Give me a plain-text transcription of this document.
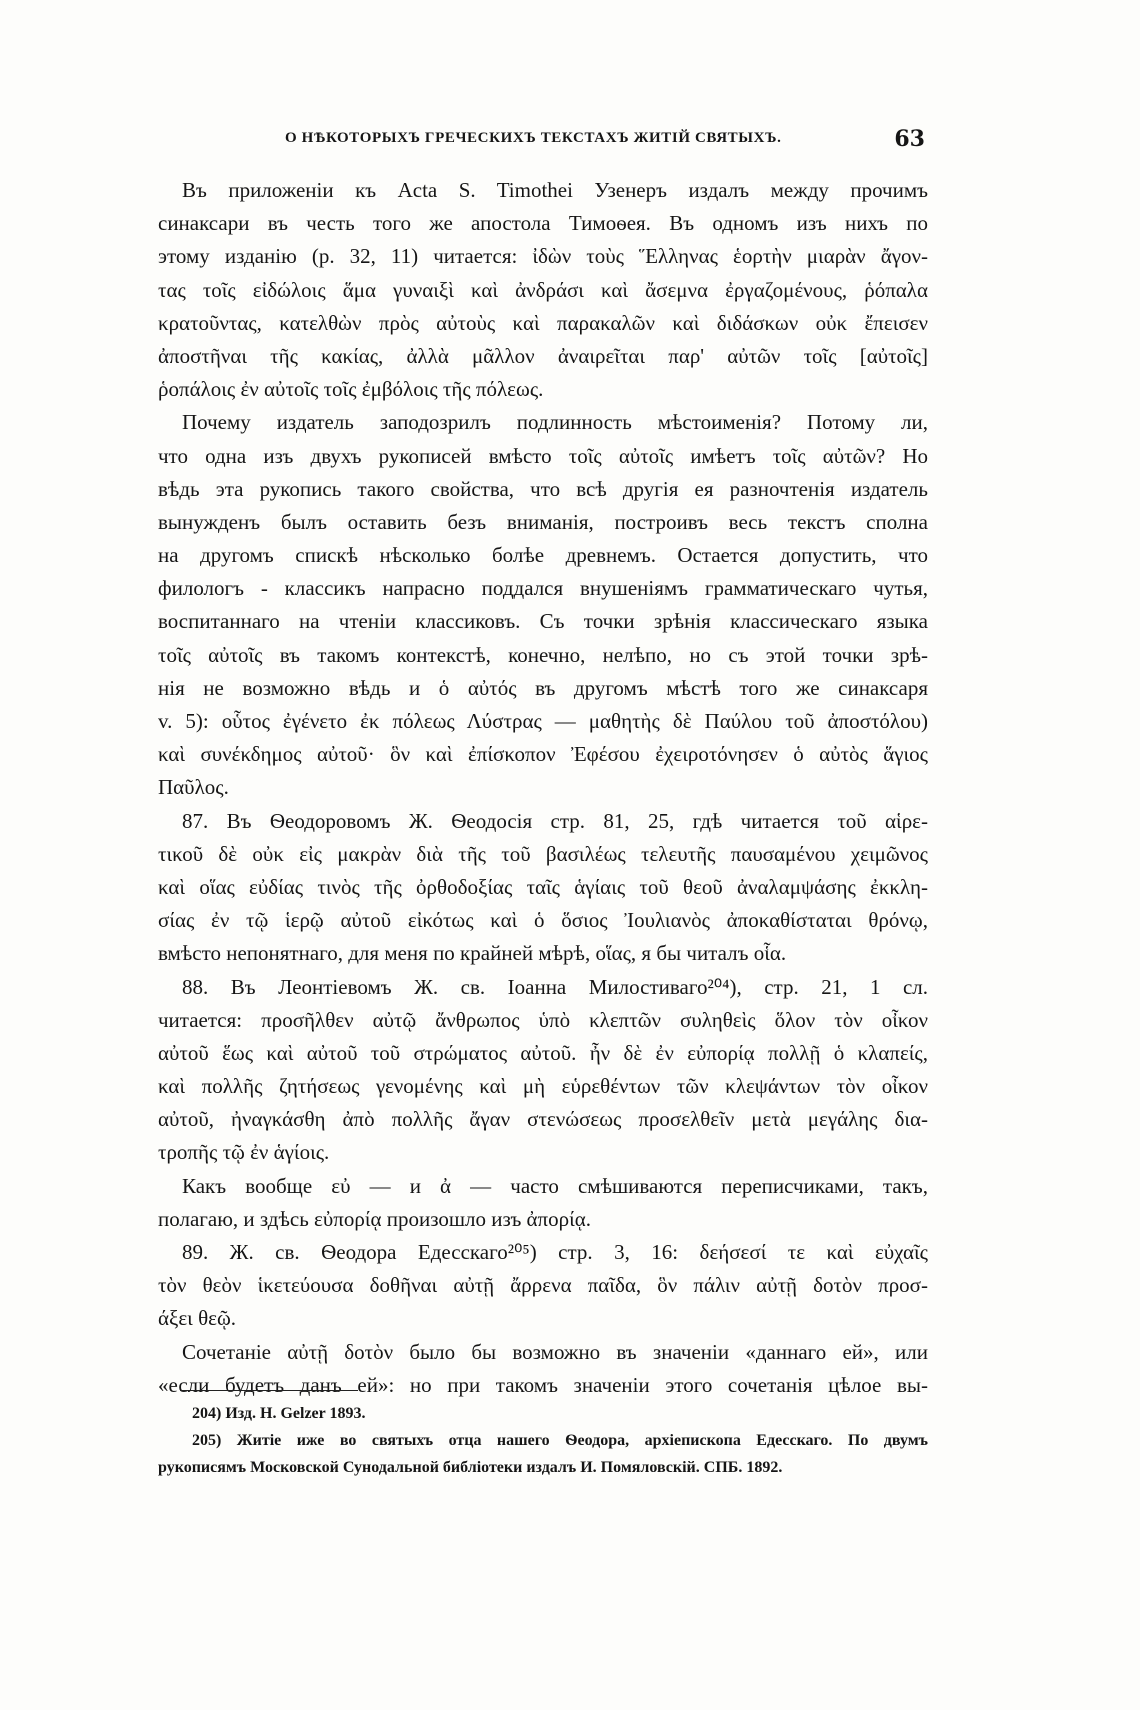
О НѢКОТОРЫХЪ ГРЕЧЕСКИХЪ ТЕКСТАХЪ ЖИТІЙ СВЯТЫХЪ.	63
Въ приложеніи къ Acta S. Timothei Узенеръ издалъ между прочимъ
синаксари въ честь того же апостола Тимоѳея. Въ одномъ изъ нихъ по
этому изданію (р. 32, 11) читается: ἰδὼν τοὺς Ἕλληνας ἑορτὴν μιαρὰν ἄγον-
τας τοῖς εἰδώλοις ἅμα γυναιξὶ καὶ ἀνδράσι καὶ ἄσεμνα ἐργαζομένους, ῥόπαλα
κρατοῦντας, κατελθὼν πρὸς αὐτοὺς καὶ παρακαλῶν καὶ διδάσκων οὐκ ἔπεισεν
ἀποστῆναι τῆς κακίας, ἀλλὰ μᾶλλον ἀναιρεῖται παρ' αὐτῶν τοῖς [αὐτοῖς]
ῥοπάλοις ἐν αὐτοῖς τοῖς ἐμβόλοις τῆς πόλεως.
Почему издатель заподозрилъ подлинность мѣстоименія? Потому ли,
что одна изъ двухъ рукописей вмѣсто τοῖς αὐτοῖς имѣетъ τοῖς αὐτῶν? Но
вѣдь эта рукопись такого свойства, что всѣ другія ея разночтенія издатель
вынужденъ былъ оставить безъ вниманія, построивъ весь текстъ сполна
на другомъ спискѣ нѣсколько болѣе древнемъ. Остается допустить, что
филологъ - классикъ напрасно поддался внушеніямъ грамматическаго чутья,
воспитаннаго на чтеніи классиковъ. Съ точки зрѣнія классическаго языка
τοῖς αὐτοῖς въ такомъ контекстѣ, конечно, нелѣпо, но съ этой точки зрѣ-
нія не возможно вѣдь и ὁ αὐτός въ другомъ мѣстѣ того же синаксаря
v. 5): οὗτος ἐγένετο ἐκ πόλεως Λύστρας — μαθητὴς δὲ Παύλου τοῦ ἀποστόλου)
καὶ συνέκδημος αὐτοῦ· ὃν καὶ ἐπίσκοπον Ἐφέσου ἐχειροτόνησεν ὁ αὐτὸς ἅγιος
Παῦλος.
87. Въ Ѳеодоровомъ Ж. Ѳеодосія стр. 81, 25, гдѣ читается τοῦ αἱρε-
τικοῦ δὲ οὐκ εἰς μακρὰν διὰ τῆς τοῦ βασιλέως τελευτῆς παυσαμένου χειμῶνος
καὶ οἵας εὐδίας τινὸς τῆς ὀρθοδοξίας ταῖς ἁγίαις τοῦ θεοῦ ἀναλαμψάσης ἐκκλη-
σίας ἐν τῷ ἱερῷ αὐτοῦ εἰκότως καὶ ὁ ὅσιος Ἰουλιανὸς ἀποκαθίσταται θρόνῳ,
вмѣсто непонятнаго, для меня по крайней мѣрѣ, οἵας, я бы читалъ οἷα.
88. Въ Леонтіевомъ Ж. св. Іоанна Милостиваго²⁰⁴), стр. 21, 1 сл.
читается: προσῆλθεν αὐτῷ ἄνθρωπος ὑπὸ κλεπτῶν συληθεὶς ὅλον τὸν οἶκον
αὐτοῦ ἕως καὶ αὐτοῦ τοῦ στρώματος αὐτοῦ. ἦν δὲ ἐν εὐπορίᾳ πολλῇ ὁ κλαπείς,
καὶ πολλῆς ζητήσεως γενομένης καὶ μὴ εὑρεθέντων τῶν κλεψάντων τὸν οἶκον
αὐτοῦ, ἠναγκάσθη ἀπὸ πολλῆς ἄγαν στενώσεως προσελθεῖν μετὰ μεγάλης δια-
τροπῆς τῷ ἐν ἁγίοις.
Какъ вообще εὐ — и ἀ — часто смѣшиваются переписчиками, такъ,
полагаю, и здѣсь εὐπορίᾳ произошло изъ ἀπορίᾳ.
89. Ж. св. Ѳеодора Едесскаго²⁰⁵) стр. 3, 16: δεήσεσί τε καὶ εὐχαῖς
τὸν θεὸν ἱκετεύουσα δοθῆναι αὐτῇ ἄρρενα παῖδα, ὃν πάλιν αὐτῇ δοτὸν προσ-
άξει θεῷ.
Сочетаніе αὐτῇ δοτὸν было бы возможно въ значеніи «даннаго ей», или
«если будетъ данъ ей»: но при такомъ значеніи этого сочетанія цѣлое вы-
204) Изд. H. Gelzer 1893.
205) Житіе иже во святыхъ отца нашего Ѳеодора, архіепископа Едесскаго. По двумъ
рукописямъ Московской Сунодальной библіотеки издалъ И. Помяловскій. СПБ. 1892.
